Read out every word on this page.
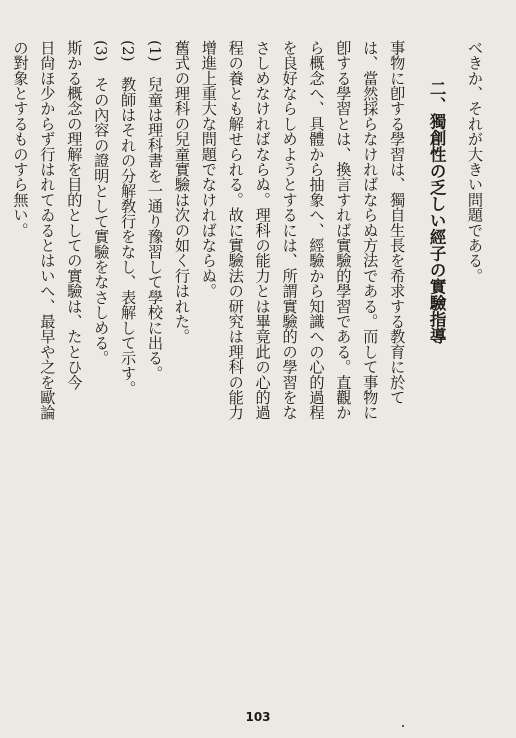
べきか、それが大きい問題である。
二、獨創性の乏しい經子の實驗指導
事物に卽する學習は、獨自生長を希求する教育に於て
は、當然採らなければならぬ方法である。而して事物に
卽する學習とは、換言すれば實驗的學習である。直觀か
ら概念へ、具體から抽象へ、經驗から知識への心的過程
を良好ならしめようとするには、所謂實驗的の學習をな
さしめなければならぬ。理科の能力とは畢竟此の心的過
程の養とも解せられる。故に實驗法の研究は理科の能力
增進上重大な問題でなければならぬ。
舊式の理科の兒童實驗は次の如く行はれた。
(1)　兒童は理科書を一通り豫習して學校に出る。
(2)　教師はそれの分解敎行をなし、表解して示す。
(3)　その內容の證明として實驗をなさしめる。
斯かる概念の理解を目的としての實驗は、たとひ今
日尙ほ少からず行はれてゐるとはいへ、最早や之を歐論
の對象とするものすら無い。
103
